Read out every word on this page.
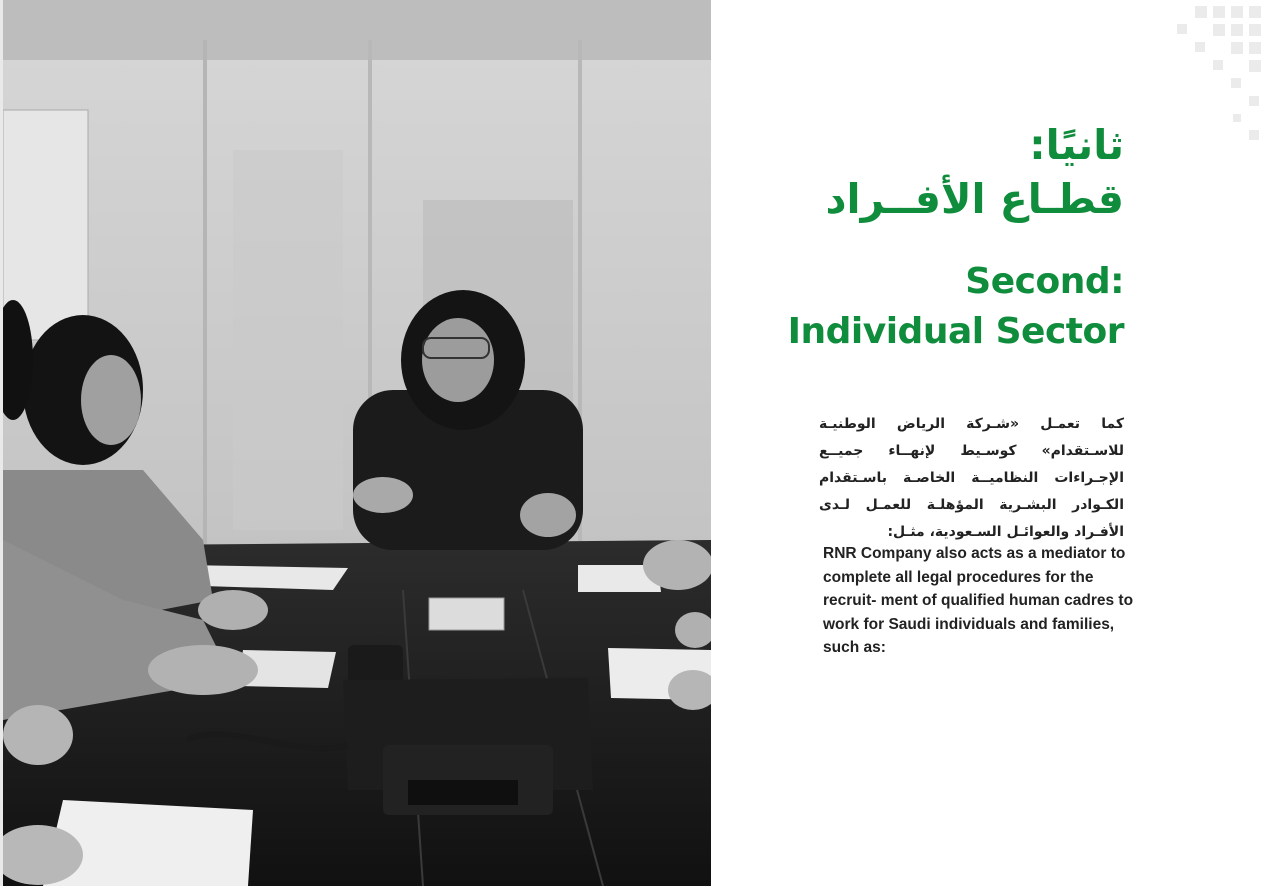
ثانيًا:
قطـاع الأفــراد
Second:
Individual Sector

كما تعمـل «شـركة الرياض الوطنيـة للاسـتقدام» كوسـيط لإنهــاء جميــع الإجـراءات النظاميــة الخاصـة باسـتقدام الكـوادر البشـرية المؤهلـة للعمـل لـدى الأفـراد والعوائـل السـعودية، مثـل:

RNR Company also acts as a mediator to complete all legal procedures for the recruit- ment of qualified human cadres to work for Saudi individuals and families, such as:
